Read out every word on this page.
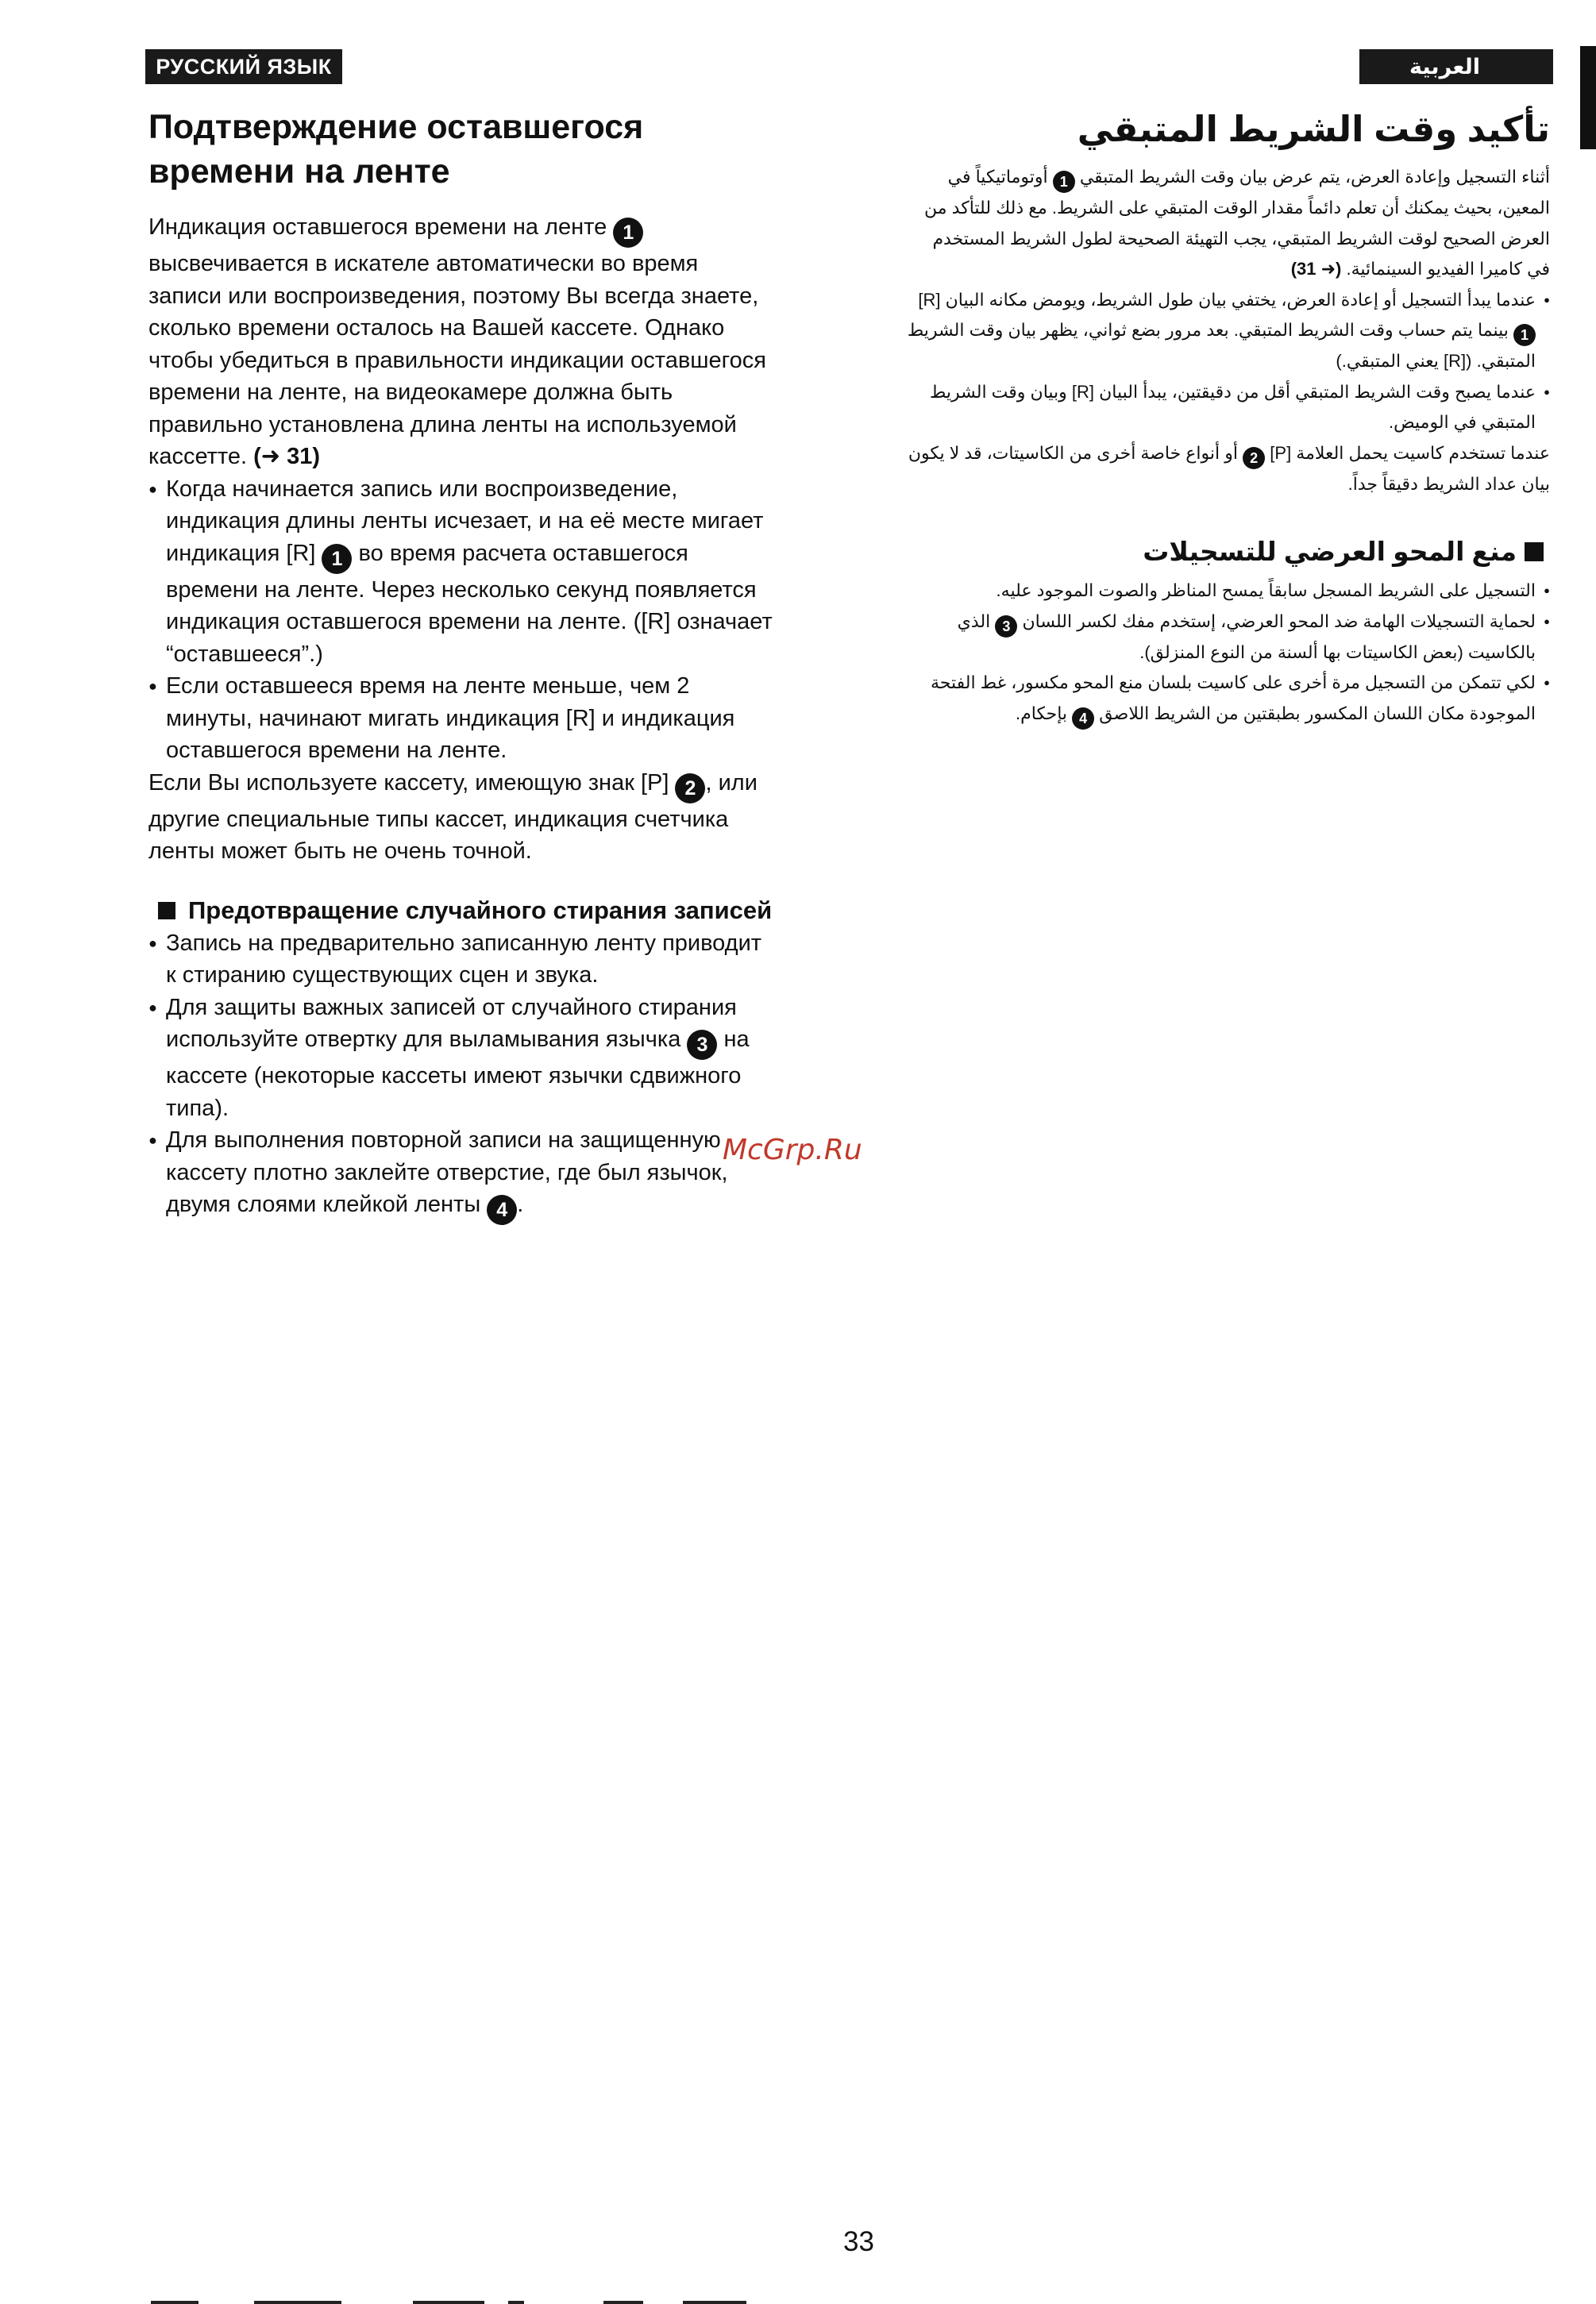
РУССКИЙ ЯЗЫК	العربية
Подтверждение оставшегося времени на ленте

Индикация оставшегося времени на ленте 1 высвечивается в искателе автоматически во время записи или воспроизведения, поэтому Вы всегда знаете, сколько времени осталось на Вашей кассете. Однако чтобы убедиться в правильности индикации оставшегося времени на ленте, на видеокамере должна быть правильно установлена длина ленты на используемой кассетте. (➜ 31)

● Когда начинается запись или воспроизведение, индикация длины ленты исчезает, и на её месте мигает индикация [R] 1 во время расчета оставшегося времени на ленте. Через несколько секунд появляется индикация оставшегося времени на ленте. ([R] означает “оставшееся”.)

● Если оставшееся время на ленте меньше, чем 2 минуты, начинают мигать индикация [R] и индикация оставшегося времени на ленте.

Если Вы используете кассету, имеющую знак [P] 2 , или другие специальные типы кассет, индикация счетчика ленты может быть не очень точной.

Предотвращение случайного стирания записей

● Запись на предварительно записанную ленту приводит к стиранию существующих сцен и звука.

● Для защиты важных записей от случайного стирания используйте отвертку для выламывания язычка 3 на кассете (некоторые кассеты имеют язычки сдвижного типа).

● Для выполнения повторной записи на защищенную кассету плотно заклейте отверстие, где был язычок, двумя слоями клейкой ленты 4 .

تأكيد وقت الشريط المتبقي

أثناء التسجيل وإعادة العرض، يتم عرض بيان وقت الشريط المتبقي 1 أوتوماتيكياً في المعين، بحيث يمكنك أن تعلم دائماً مقدار الوقت المتبقي على الشريط. مع ذلك للتأكد من العرض الصحيح لوقت الشريط المتبقي، يجب التهيئة الصحيحة لطول الشريط المستخدم في كاميرا الفيديو السينمائية. (➜ 31)

● عندما يبدأ التسجيل أو إعادة العرض، يختفي بيان طول الشريط، ويومض مكانه البيان [R] 1 بينما يتم حساب وقت الشريط المتبقي. بعد مرور بضع ثواني، يظهر بيان وقت الشريط المتبقي. ([R] يعني المتبقي.)

● عندما يصبح وقت الشريط المتبقي أقل من دقيقتين، يبدأ البيان [R] وبيان وقت الشريط المتبقي في الوميض.

عندما تستخدم كاسيت يحمل العلامة [P] 2 أو أنواع خاصة أخرى من الكاسيتات، قد لا يكون بيان عداد الشريط دقيقاً جداً.

منع المحو العرضي للتسجيلات

● التسجيل على الشريط المسجل سابقاً يمسح المناظر والصوت الموجود عليه.

● لحماية التسجيلات الهامة ضد المحو العرضي، إستخدم مفك لكسر اللسان 3 الذي بالكاسيت (بعض الكاسيتات بها ألسنة من النوع المنزلق).

● لكي تتمكن من التسجيل مرة أخرى على كاسيت بلسان منع المحو مكسور، غط الفتحة الموجودة مكان اللسان المكسور بطبقتين من الشريط اللاصق 4 بإحكام.

McGrp.Ru
33
